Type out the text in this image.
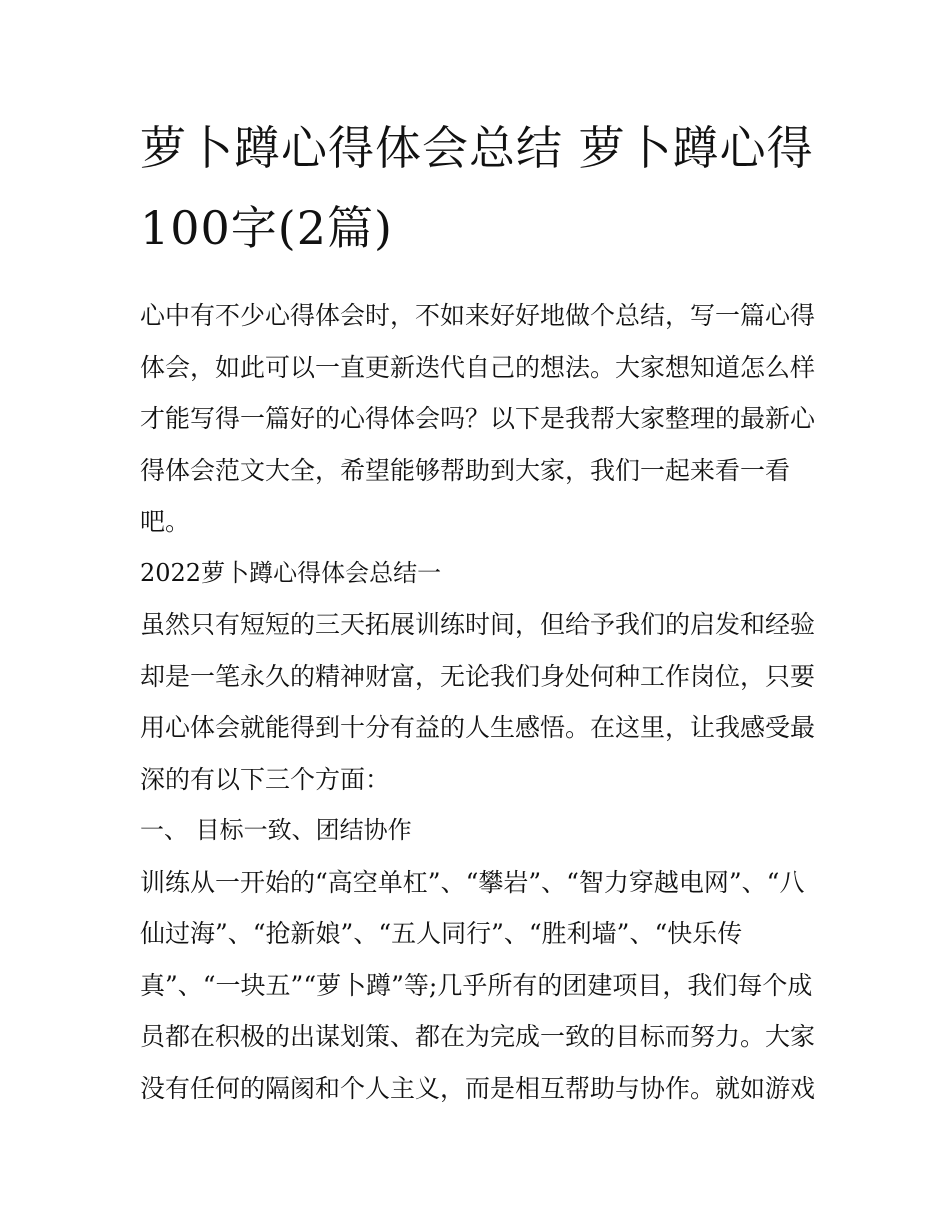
萝卜蹲心得体会总结 萝卜蹲心得100字(2篇)

心中有不少心得体会时，不如来好好地做个总结，写一篇心得体会，如此可以一直更新迭代自己的想法。大家想知道怎么样才能写得一篇好的心得体会吗？以下是我帮大家整理的最新心得体会范文大全，希望能够帮助到大家，我们一起来看一看吧。

2022萝卜蹲心得体会总结一

虽然只有短短的三天拓展训练时间，但给予我们的启发和经验却是一笔永久的精神财富，无论我们身处何种工作岗位，只要用心体会就能得到十分有益的人生感悟。在这里，让我感受最深的有以下三个方面：

一、 目标一致、团结协作

训练从一开始的“高空单杠”、“攀岩”、“智力穿越电网”、“八仙过海”、“抢新娘”、“五人同行”、“胜利墙”、“快乐传真”、“一块五”“萝卜蹲”等;几乎所有的团建项目，我们每个成员都在积极的出谋划策、都在为完成一致的目标而努力。大家没有任何的隔阂和个人主义，而是相互帮助与协作。就如游戏
